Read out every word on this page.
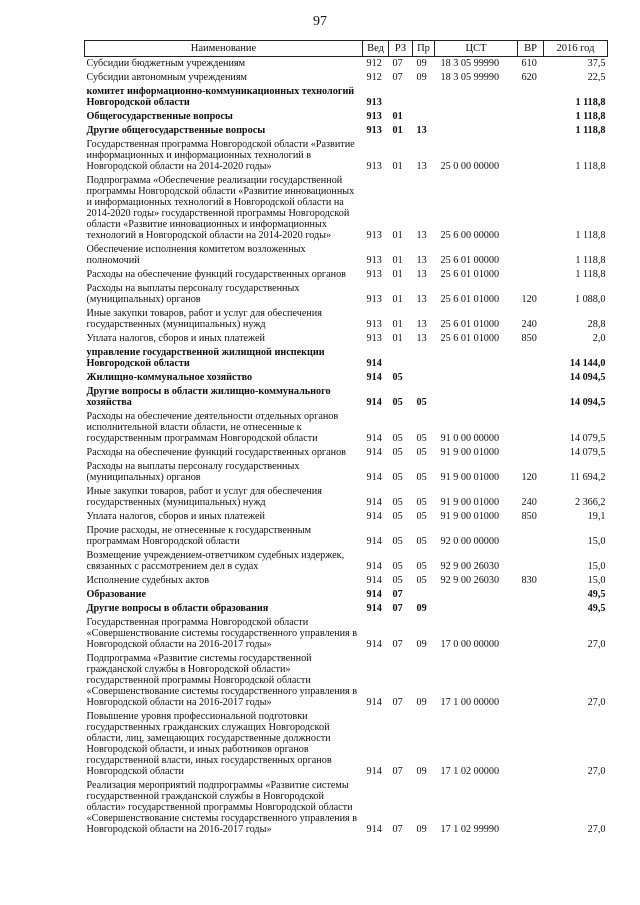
97
Наименование	Вед	РЗ	Пр	ЦСТ	ВР	2016 год
Субсидии бюджетным учреждениям	912	07	09	18 3 05 99990	610	37,5
Субсидии автономным учреждениям	912	07	09	18 3 05 99990	620	22,5
комитет информационно-коммуникационных технологий Новгородской области	913					1 118,8
Общегосударственные вопросы	913	01				1 118,8
Другие общегосударственные вопросы	913	01	13			1 118,8
Государственная программа Новгородской области «Развитие информационных и информационных технологий в Новгородской области на 2014-2020 годы»	913	01	13	25 0 00 00000		1 118,8
Подпрограмма «Обеспечение реализации государственной программы Новгородской области «Развитие инновационных и информационных технологий в Новгородской области на 2014-2020 годы» государственной программы Новгородской области «Развитие инновационных и информационных технологий в Новгородской области на 2014-2020 годы»	913	01	13	25 6 00 00000		1 118,8
Обеспечение исполнения комитетом возложенных полномочий	913	01	13	25 6 01 00000		1 118,8
Расходы на обеспечение функций государственных органов	913	01	13	25 6 01 01000		1 118,8
Расходы на выплаты персоналу государственных (муниципальных) органов	913	01	13	25 6 01 01000	120	1 088,0
Иные закупки товаров, работ и услуг для обеспечения государственных (муниципальных) нужд	913	01	13	25 6 01 01000	240	28,8
Уплата налогов, сборов и иных платежей	913	01	13	25 6 01 01000	850	2,0
управление государственной жилищной инспекции Новгородской области	914					14 144,0
Жилищно-коммунальное хозяйство	914	05				14 094,5
Другие вопросы в области жилищно-коммунального хозяйства	914	05	05			14 094,5
Расходы на обеспечение деятельности отдельных органов исполнительной власти области, не отнесенные к государственным программам Новгородской области	914	05	05	91 0 00 00000		14 079,5
Расходы на обеспечение функций государственных органов	914	05	05	91 9 00 01000		14 079,5
Расходы на выплаты персоналу государственных (муниципальных) органов	914	05	05	91 9 00 01000	120	11 694,2
Иные закупки товаров, работ и услуг для обеспечения государственных (муниципальных) нужд	914	05	05	91 9 00 01000	240	2 366,2
Уплата налогов, сборов и иных платежей	914	05	05	91 9 00 01000	850	19,1
Прочие расходы, не отнесенные к государственным программам Новгородской области	914	05	05	92 0 00 00000		15,0
Возмещение учреждением-ответчиком судебных издержек, связанных с рассмотрением дел в судах	914	05	05	92 9 00 26030		15,0
Исполнение судебных актов	914	05	05	92 9 00 26030	830	15,0
Образование	914	07				49,5
Другие вопросы в области образования	914	07	09			49,5
Государственная программа Новгородской области «Совершенствование системы государственного управления в Новгородской области на 2016-2017 годы»	914	07	09	17 0 00 00000		27,0
Подпрограмма «Развитие системы государственной гражданской службы в Новгородской области» государственной программы Новгородской области «Совершенствование системы государственного управления в Новгородской области на 2016-2017 годы»	914	07	09	17 1 00 00000		27,0
Повышение уровня профессиональной подготовки государственных гражданских служащих Новгородской области, лиц, замещающих государственные должности Новгородской области, и иных работников органов государственной власти, иных государственных органов Новгородской области	914	07	09	17 1 02 00000		27,0
Реализация мероприятий подпрограммы «Развитие системы государственной гражданской службы в Новгородской области» государственной программы Новгородской области «Совершенствование системы государственного управления в Новгородской области на 2016-2017 годы»	914	07	09	17 1 02 99990		27,0
